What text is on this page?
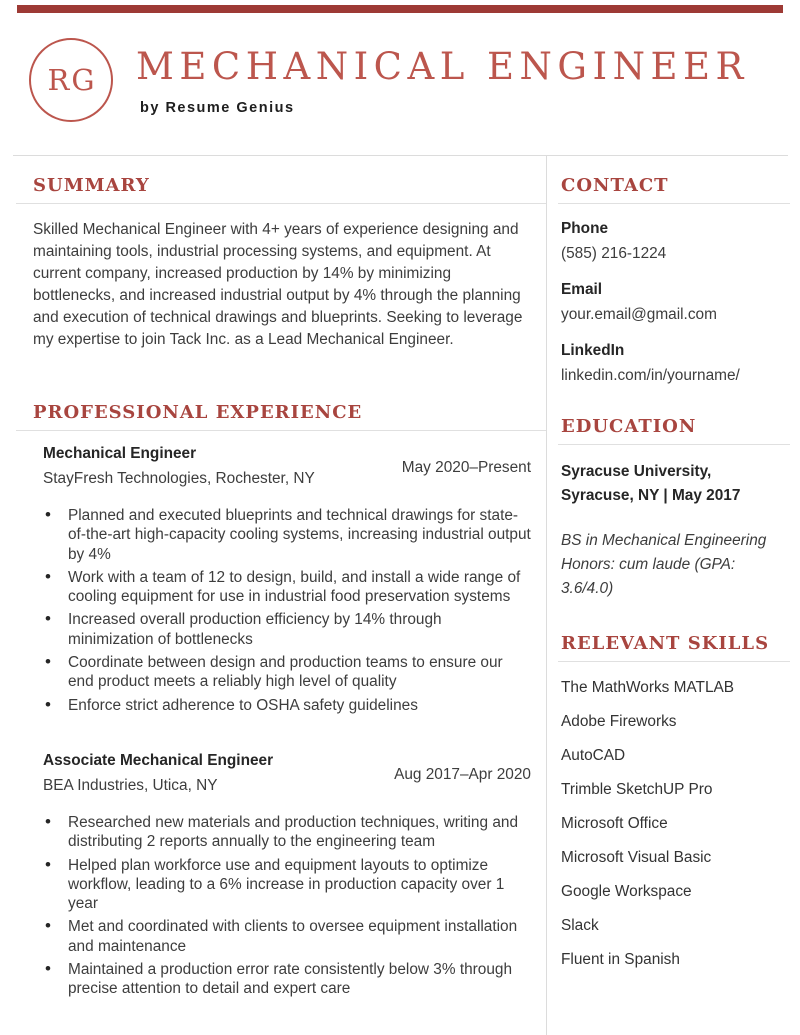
RG MECHANICAL ENGINEER
by Resume Genius
SUMMARY

Skilled Mechanical Engineer with 4+ years of experience designing and maintaining tools, industrial processing systems, and equipment. At current company, increased production by 14% by minimizing bottlenecks, and increased industrial output by 4% through the planning and execution of technical drawings and blueprints. Seeking to leverage my expertise to join Tack Inc. as a Lead Mechanical Engineer.

PROFESSIONAL EXPERIENCE
Mechanical Engineer
May 2020–Present
StayFresh Technologies, Rochester, NY
• Planned and executed blueprints and technical drawings for state-of-the-art high-capacity cooling systems, increasing industrial output by 4%
• Work with a team of 12 to design, build, and install a wide range of cooling equipment for use in industrial food preservation systems
• Increased overall production efficiency by 14% through minimization of bottlenecks
• Coordinate between design and production teams to ensure our end product meets a reliably high level of quality
• Enforce strict adherence to OSHA safety guidelines
Associate Mechanical Engineer
Aug 2017–Apr 2020
BEA Industries, Utica, NY
• Researched new materials and production techniques, writing and distributing 2 reports annually to the engineering team
• Helped plan workforce use and equipment layouts to optimize workflow, leading to a 6% increase in production capacity over 1 year
• Met and coordinated with clients to oversee equipment installation and maintenance
• Maintained a production error rate consistently below 3% through precise attention to detail and expert care
CONTACT
Phone
(585) 216-1224
Email
your.email@gmail.com
LinkedIn
linkedin.com/in/yourname/
EDUCATION
Syracuse University,
Syracuse, NY | May 2017
BS in Mechanical Engineering
Honors: cum laude (GPA:
3.6/4.0)
RELEVANT SKILLS
The MathWorks MATLAB
Adobe Fireworks
AutoCAD
Trimble SketchUP Pro
Microsoft Office
Microsoft Visual Basic
Google Workspace
Slack
Fluent in Spanish
